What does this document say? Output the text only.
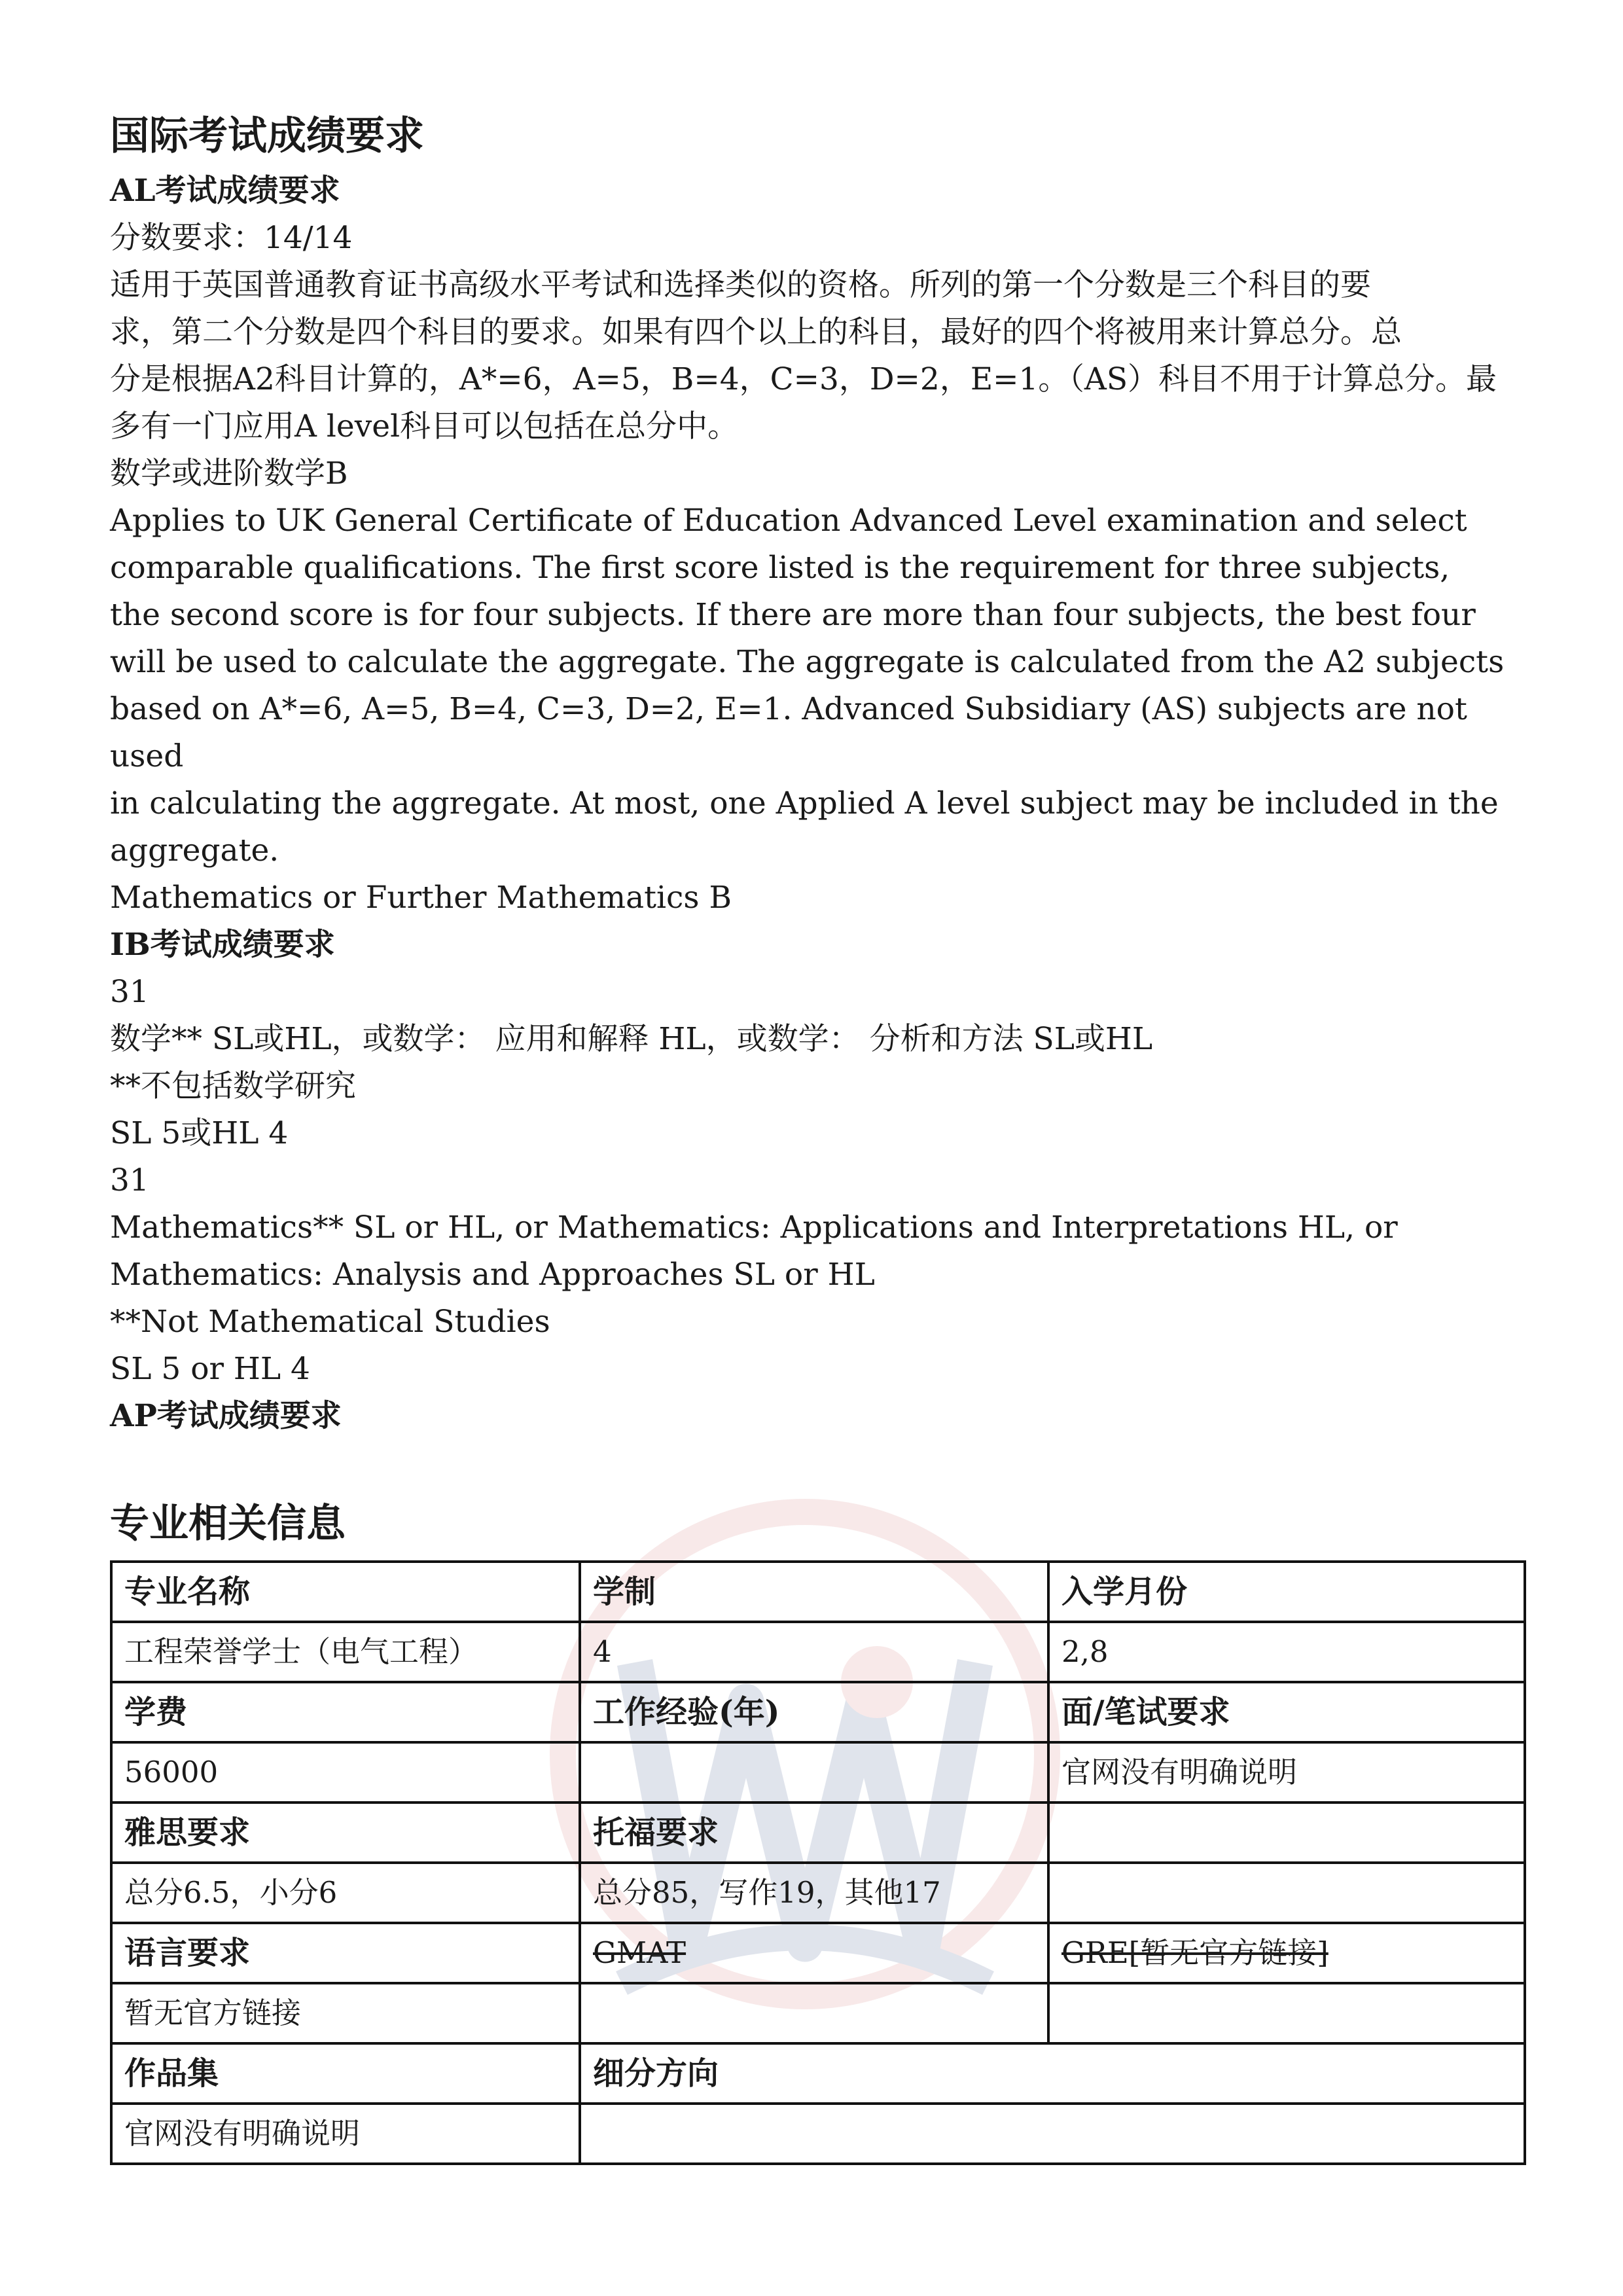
国际考试成绩要求
AL考试成绩要求

分数要求：14/14

适用于英国普通教育证书高级水平考试和选择类似的资格。所列的第一个分数是三个科目的要

求，第二个分数是四个科目的要求。如果有四个以上的科目，最好的四个将被用来计算总分。总

分是根据A2科目计算的，A*=6，A=5，B=4，C=3，D=2，E=1。（AS）科目不用于计算总分。最

多有一门应用A level科目可以包括在总分中。

数学或进阶数学B

Applies to UK General Certificate of Education Advanced Level examination and select

comparable qualifications. The first score listed is the requirement for three subjects,

the second score is for four subjects. If there are more than four subjects, the best four

will be used to calculate the aggregate. The aggregate is calculated from the A2 subjects

based on A*=6, A=5, B=4, C=3, D=2, E=1. Advanced Subsidiary (AS) subjects are not used

in calculating the aggregate. At most, one Applied A level subject may be included in the

aggregate.

Mathematics or Further Mathematics B

IB考试成绩要求

31

数学** SL或HL，或数学： 应用和解释 HL，或数学： 分析和方法 SL或HL

**不包括数学研究

SL 5或HL 4

31

Mathematics** SL or HL, or Mathematics: Applications and Interpretations HL, or

Mathematics: Analysis and Approaches SL or HL

**Not Mathematical Studies

SL 5 or HL 4

AP考试成绩要求
专业相关信息
专业名称	学制	入学月份
工程荣誉学士（电气工程）	4	2,8
学费	工作经验(年)	面/笔试要求
56000		官网没有明确说明
雅思要求	托福要求	
总分6.5，小分6	总分85，写作19，其他17	
语言要求	GMAT	GRE[暂无官方链接]
暂无官方链接		
作品集	细分方向	
官网没有明确说明		
